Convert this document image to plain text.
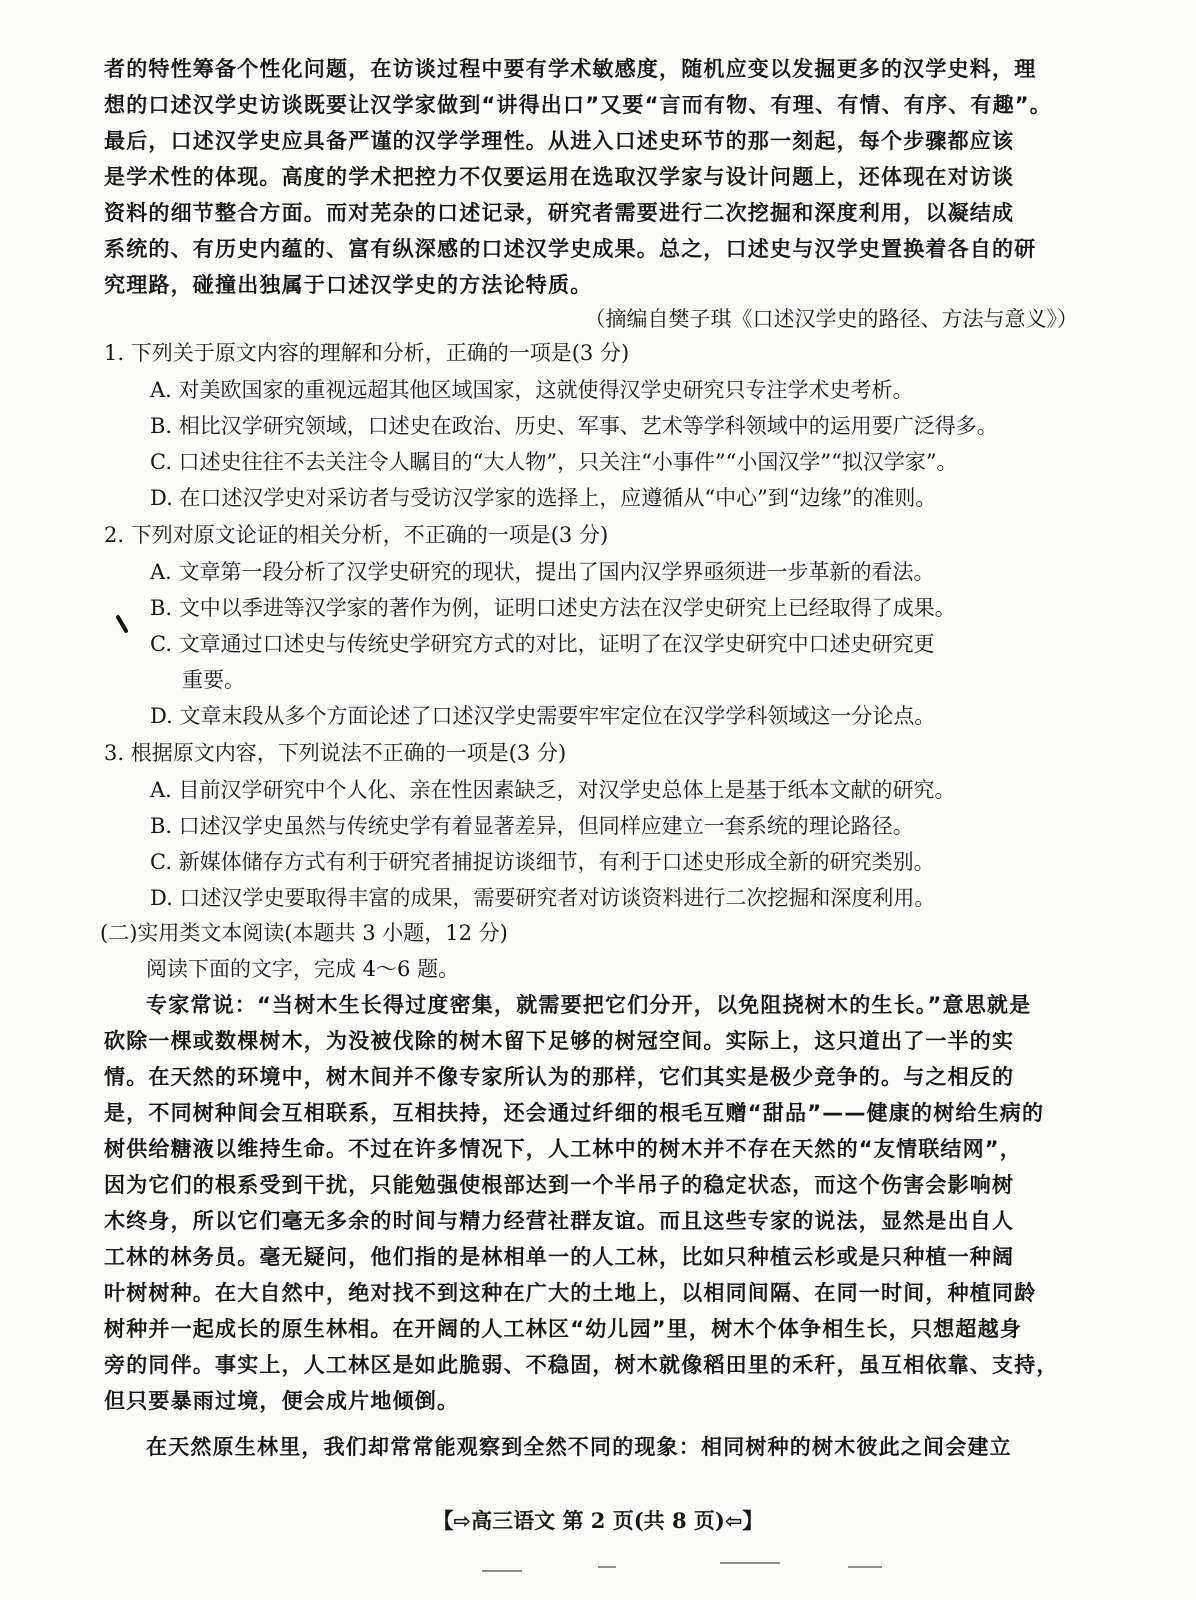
者的特性筹备个性化问题，在访谈过程中要有学术敏感度，随机应变以发掘更多的汉学史料，理

想的口述汉学史访谈既要让汉学家做到“讲得出口”又要“言而有物、有理、有情、有序、有趣”。

最后，口述汉学史应具备严谨的汉学学理性。从进入口述史环节的那一刻起，每个步骤都应该

是学术性的体现。高度的学术把控力不仅要运用在选取汉学家与设计问题上，还体现在对访谈

资料的细节整合方面。而对芜杂的口述记录，研究者需要进行二次挖掘和深度利用，以凝结成

系统的、有历史内蕴的、富有纵深感的口述汉学史成果。总之，口述史与汉学史置换着各自的研

究理路，碰撞出独属于口述汉学史的方法论特质。

（摘编自樊子琪《口述汉学史的路径、方法与意义》）

1. 下列关于原文内容的理解和分析，正确的一项是(3 分)

A. 对美欧国家的重视远超其他区域国家，这就使得汉学史研究只专注学术史考析。

B. 相比汉学研究领域，口述史在政治、历史、军事、艺术等学科领域中的运用要广泛得多。

C. 口述史往往不去关注令人瞩目的“大人物”，只关注“小事件”“小国汉学”“拟汉学家”。

D. 在口述汉学史对采访者与受访汉学家的选择上，应遵循从“中心”到“边缘”的准则。

2. 下列对原文论证的相关分析，不正确的一项是(3 分)

A. 文章第一段分析了汉学史研究的现状，提出了国内汉学界亟须进一步革新的看法。

B. 文中以季进等汉学家的著作为例，证明口述史方法在汉学史研究上已经取得了成果。

C. 文章通过口述史与传统史学研究方式的对比，证明了在汉学史研究中口述史研究更

重要。

D. 文章末段从多个方面论述了口述汉学史需要牢牢定位在汉学学科领域这一分论点。

3. 根据原文内容，下列说法不正确的一项是(3 分)

A. 目前汉学研究中个人化、亲在性因素缺乏，对汉学史总体上是基于纸本文献的研究。

B. 口述汉学史虽然与传统史学有着显著差异，但同样应建立一套系统的理论路径。

C. 新媒体储存方式有利于研究者捕捉访谈细节，有利于口述史形成全新的研究类别。

D. 口述汉学史要取得丰富的成果，需要研究者对访谈资料进行二次挖掘和深度利用。

(二)实用类文本阅读(本题共 3 小题，12 分)

阅读下面的文字，完成 4～6 题。

专家常说：“当树木生长得过度密集，就需要把它们分开，以免阻挠树木的生长。”意思就是

砍除一棵或数棵树木，为没被伐除的树木留下足够的树冠空间。实际上，这只道出了一半的实

情。在天然的环境中，树木间并不像专家所认为的那样，它们其实是极少竞争的。与之相反的

是，不同树种间会互相联系，互相扶持，还会通过纤细的根毛互赠“甜品”——健康的树给生病的

树供给糖液以维持生命。不过在许多情况下，人工林中的树木并不存在天然的“友情联结网”，

因为它们的根系受到干扰，只能勉强使根部达到一个半吊子的稳定状态，而这个伤害会影响树

木终身，所以它们毫无多余的时间与精力经营社群友谊。而且这些专家的说法，显然是出自人

工林的林务员。毫无疑问，他们指的是林相单一的人工林，比如只种植云杉或是只种植一种阔

叶树树种。在大自然中，绝对找不到这种在广大的土地上，以相同间隔、在同一时间，种植同龄

树种并一起成长的原生林相。在开阔的人工林区“幼儿园”里，树木个体争相生长，只想超越身

旁的同伴。事实上，人工林区是如此脆弱、不稳固，树木就像稻田里的禾秆，虽互相依靠、支持，

但只要暴雨过境，便会成片地倾倒。

在天然原生林里，我们却常常能观察到全然不同的现象：相同树种的树木彼此之间会建立

【⇨高三语文 第 2 页(共 8 页)⇦】
